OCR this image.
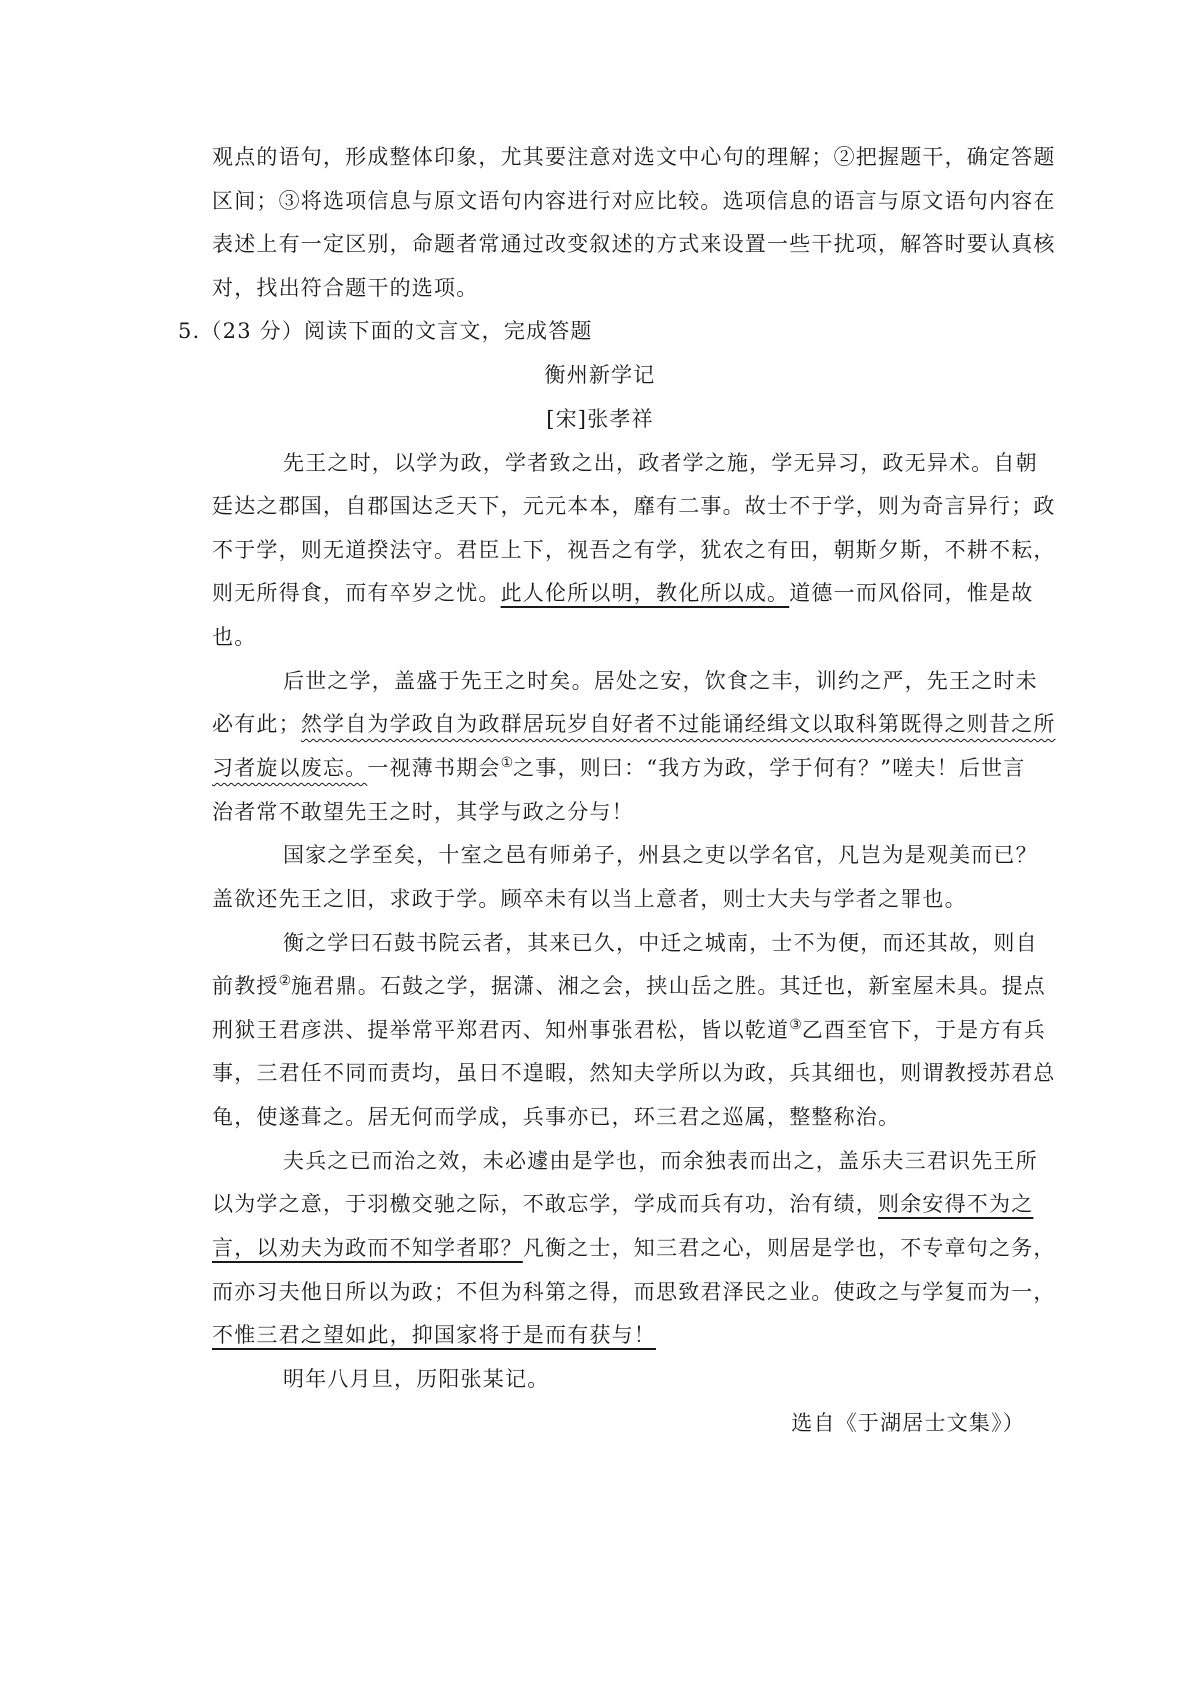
观点的语句，形成整体印象，尤其要注意对选文中心句的理解；②把握题干，确定答题
区间；③将选项信息与原文语句内容进行对应比较。选项信息的语言与原文语句内容在
表述上有一定区别，命题者常通过改变叙述的方式来设置一些干扰项，解答时要认真核
对，找出符合题干的选项。
5.（23 分）阅读下面的文言文，完成答题
衡州新学记
[宋]张孝祥
先王之时，以学为政，学者致之出，政者学之施，学无异习，政无异术。自朝
廷达之郡国，自郡国达乏天下，元元本本，靡有二事。故士不于学，则为奇言异行；政
不于学，则无道揆法守。君臣上下，视吾之有学，犹农之有田，朝斯夕斯，不耕不耘，
则无所得食，而有卒岁之忧。此人伦所以明，教化所以成。道德一而风俗同，惟是故
也。
后世之学，盖盛于先王之时矣。居处之安，饮食之丰，训约之严，先王之时未
必有此；然学自为学政自为政群居玩岁自好者不过能诵经缉文以取科第既得之则昔之所
习者旋以废忘。一视薄书期会①之事，则曰：“我方为政，学于何有？”嗟夫！后世言
治者常不敢望先王之时，其学与政之分与！
国家之学至矣，十室之邑有师弟子，州县之吏以学名官，凡岂为是观美而已？
盖欲还先王之旧，求政于学。顾卒未有以当上意者，则士大夫与学者之罪也。
衡之学曰石鼓书院云者，其来已久，中迁之城南，士不为便，而还其故，则自
前教授②施君鼎。石鼓之学，据潇、湘之会，挟山岳之胜。其迁也，新室屋未具。提点
刑狱王君彦洪、提举常平郑君丙、知州事张君松，皆以乾道③乙酉至官下，于是方有兵
事，三君任不同而责均，虽日不遑暇，然知夫学所以为政，兵其细也，则谓教授苏君总
龟，使遂葺之。居无何而学成，兵事亦已，环三君之巡属，整整称治。
夫兵之已而治之效，未必遽由是学也，而余独表而出之，盖乐夫三君识先王所
以为学之意，于羽檄交驰之际，不敢忘学，学成而兵有功，治有绩，则余安得不为之
言，以劝夫为政而不知学者耶？凡衡之士，知三君之心，则居是学也，不专章句之务，
而亦习夫他日所以为政；不但为科第之得，而思致君泽民之业。使政之与学复而为一，
不惟三君之望如此，抑国家将于是而有获与！
明年八月旦，历阳张某记。
选自《于湖居士文集》）
